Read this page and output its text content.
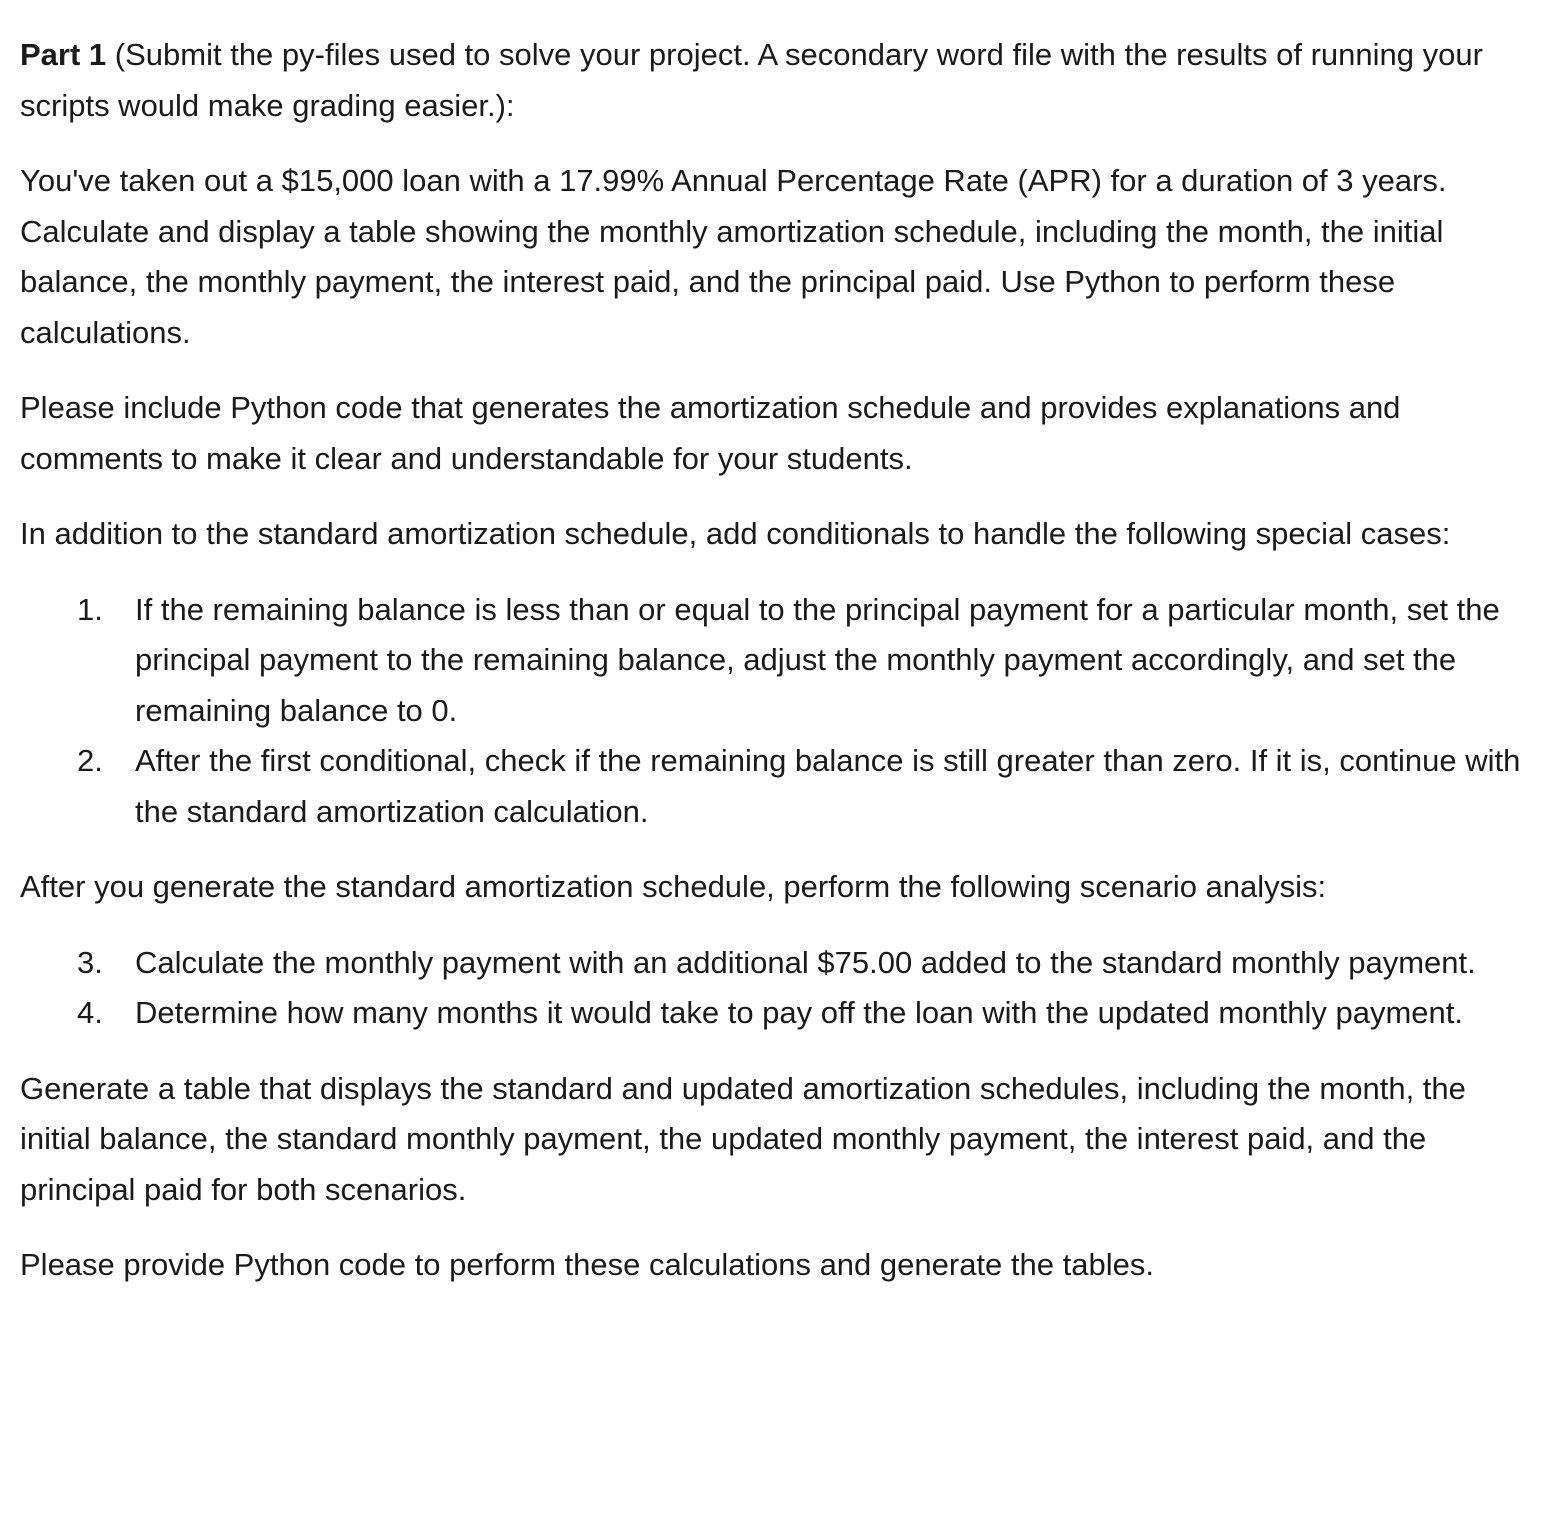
Part 1 (Submit the py-files used to solve your project. A secondary word file with the results of running your scripts would make grading easier.):

You've taken out a $15,000 loan with a 17.99% Annual Percentage Rate (APR) for a duration of 3 years. Calculate and display a table showing the monthly amortization schedule, including the month, the initial balance, the monthly payment, the interest paid, and the principal paid. Use Python to perform these calculations.

Please include Python code that generates the amortization schedule and provides explanations and comments to make it clear and understandable for your students.

In addition to the standard amortization schedule, add conditionals to handle the following special cases:

1. If the remaining balance is less than or equal to the principal payment for a particular month, set the principal payment to the remaining balance, adjust the monthly payment accordingly, and set the remaining balance to 0.
2. After the first conditional, check if the remaining balance is still greater than zero. If it is, continue with the standard amortization calculation.

After you generate the standard amortization schedule, perform the following scenario analysis:

3. Calculate the monthly payment with an additional $75.00 added to the standard monthly payment.
4. Determine how many months it would take to pay off the loan with the updated monthly payment.

Generate a table that displays the standard and updated amortization schedules, including the month, the initial balance, the standard monthly payment, the updated monthly payment, the interest paid, and the principal paid for both scenarios.

Please provide Python code to perform these calculations and generate the tables.
